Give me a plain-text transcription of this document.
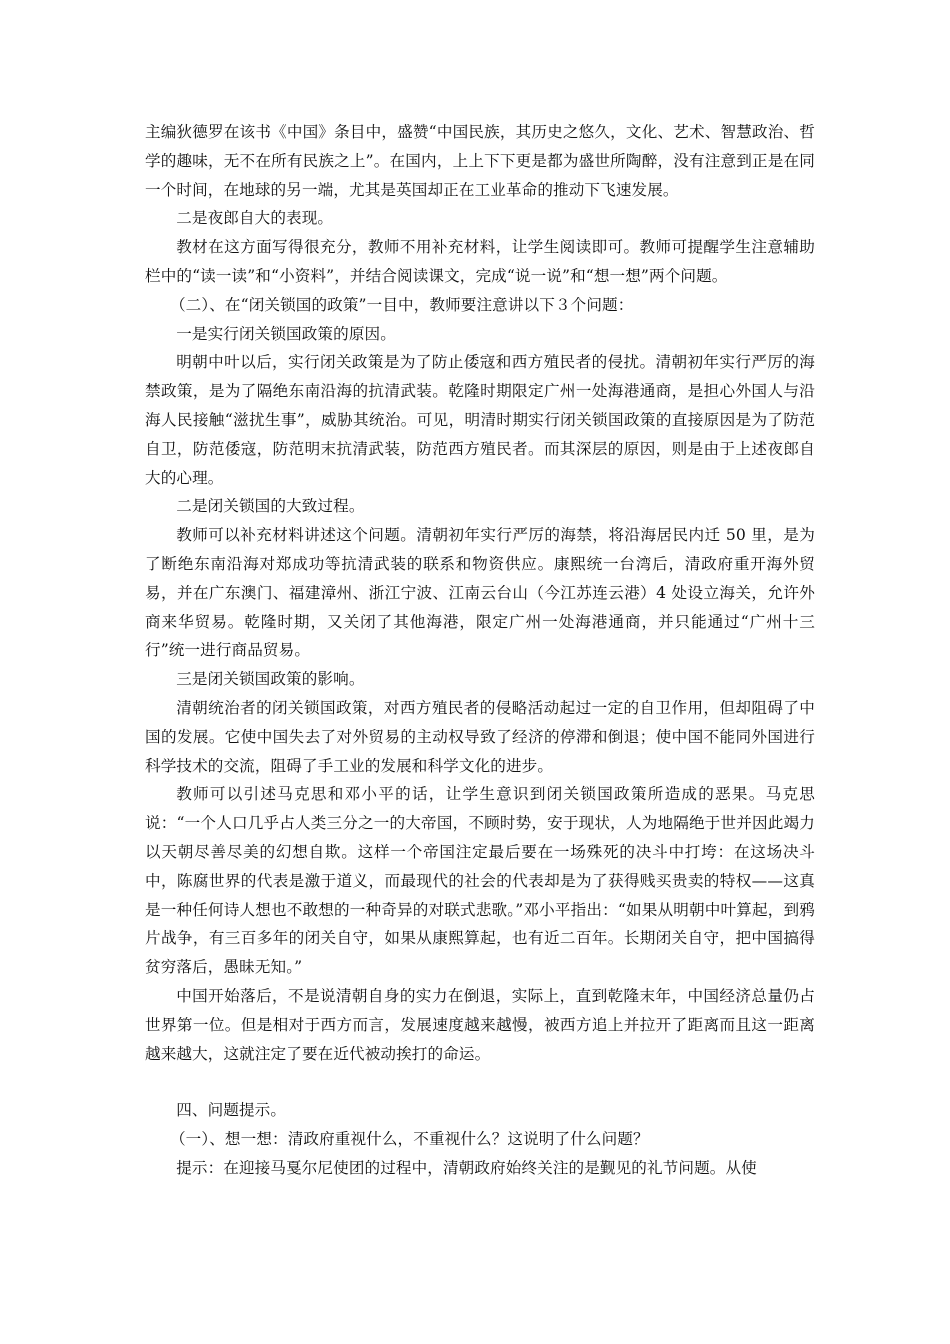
主编狄德罗在该书《中国》条目中，盛赞“中国民族，其历史之悠久，文化、艺术、智慧政治、哲学的趣味，无不在所有民族之上”。在国内，上上下下更是都为盛世所陶醉，没有注意到正是在同一个时间，在地球的另一端，尤其是英国却正在工业革命的推动下飞速发展。

二是夜郎自大的表现。

教材在这方面写得很充分，教师不用补充材料，让学生阅读即可。教师可提醒学生注意辅助栏中的“读一读”和“小资料”，并结合阅读课文，完成“说一说”和“想一想”两个问题。

（二）、在“闭关锁国的政策”一目中，教师要注意讲以下３个问题：

一是实行闭关锁国政策的原因。

明朝中叶以后，实行闭关政策是为了防止倭寇和西方殖民者的侵扰。清朝初年实行严厉的海禁政策，是为了隔绝东南沿海的抗清武装。乾隆时期限定广州一处海港通商，是担心外国人与沿海人民接触“滋扰生事”，威胁其统治。可见，明清时期实行闭关锁国政策的直接原因是为了防范自卫，防范倭寇，防范明末抗清武装，防范西方殖民者。而其深层的原因，则是由于上述夜郎自大的心理。

二是闭关锁国的大致过程。

教师可以补充材料讲述这个问题。清朝初年实行严厉的海禁，将沿海居民内迁 50 里，是为了断绝东南沿海对郑成功等抗清武装的联系和物资供应。康熙统一台湾后，清政府重开海外贸易，并在广东澳门、福建漳州、浙江宁波、江南云台山（今江苏连云港）4 处设立海关，允许外商来华贸易。乾隆时期，又关闭了其他海港，限定广州一处海港通商，并只能通过“广州十三行”统一进行商品贸易。

三是闭关锁国政策的影响。

清朝统治者的闭关锁国政策，对西方殖民者的侵略活动起过一定的自卫作用，但却阻碍了中国的发展。它使中国失去了对外贸易的主动权导致了经济的停滞和倒退；使中国不能同外国进行科学技术的交流，阻碍了手工业的发展和科学文化的进步。

教师可以引述马克思和邓小平的话，让学生意识到闭关锁国政策所造成的恶果。马克思说：“一个人口几乎占人类三分之一的大帝国，不顾时势，安于现状，人为地隔绝于世并因此竭力以天朝尽善尽美的幻想自欺。这样一个帝国注定最后要在一场殊死的决斗中打垮：在这场决斗中，陈腐世界的代表是激于道义，而最现代的社会的代表却是为了获得贱买贵卖的特权——这真是一种任何诗人想也不敢想的一种奇异的对联式悲歌。”邓小平指出：“如果从明朝中叶算起，到鸦片战争，有三百多年的闭关自守，如果从康熙算起，也有近二百年。长期闭关自守，把中国搞得贫穷落后，愚昧无知。”

中国开始落后，不是说清朝自身的实力在倒退，实际上，直到乾隆末年，中国经济总量仍占世界第一位。但是相对于西方而言，发展速度越来越慢，被西方追上并拉开了距离而且这一距离越来越大，这就注定了要在近代被动挨打的命运。

四、问题提示。

（一）、想一想：清政府重视什么，不重视什么？这说明了什么问题？

提示：在迎接马戛尔尼使团的过程中，清朝政府始终关注的是觐见的礼节问题。从使
